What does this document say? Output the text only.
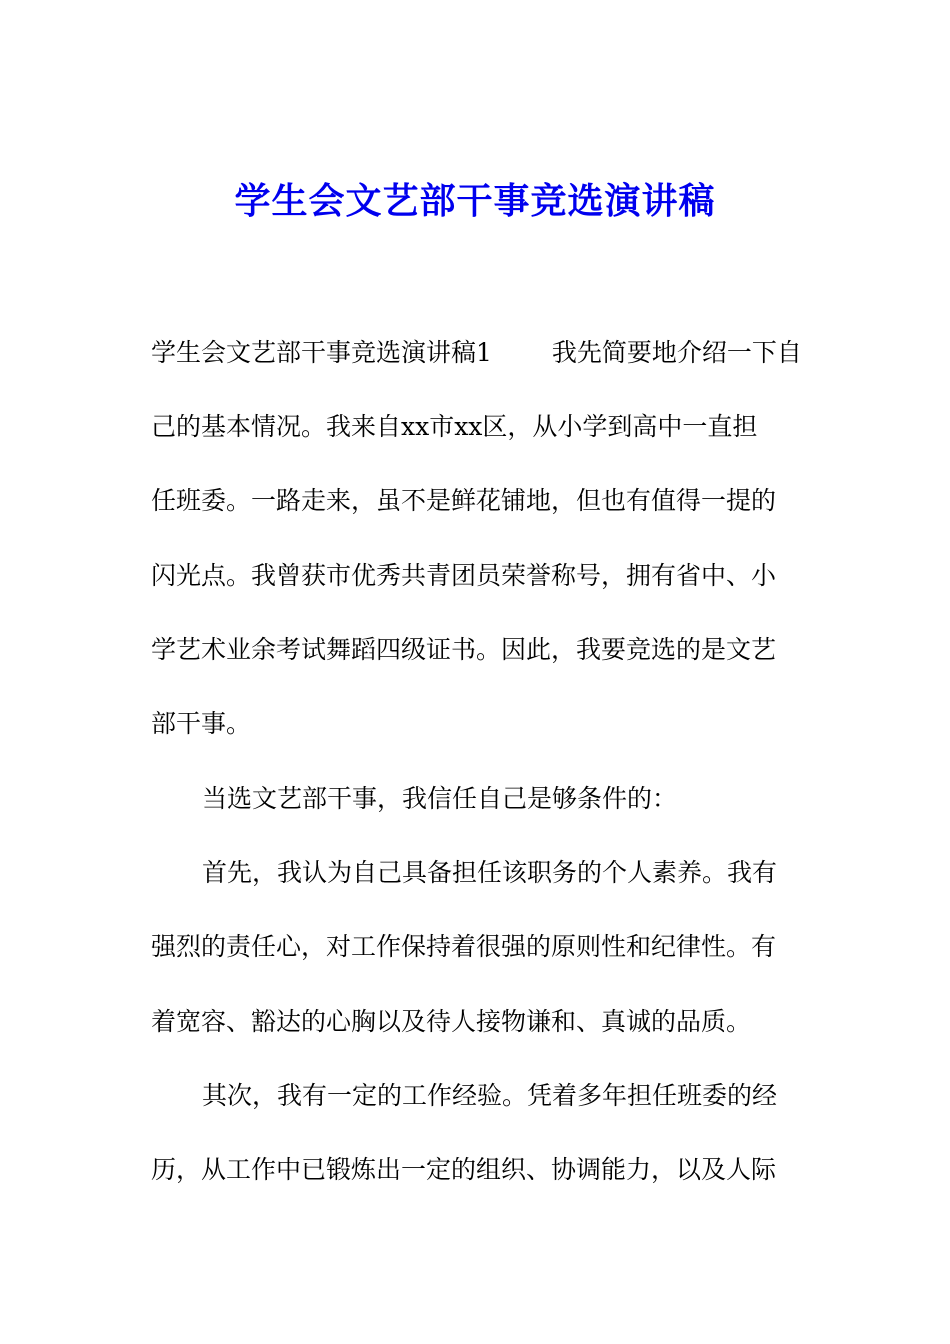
学生会文艺部干事竞选演讲稿
学生会文艺部干事竞选演讲稿1 我先简要地介绍一下自
己的基本情况。我来自xx市xx区，从小学到高中一直担
任班委。一路走来，虽不是鲜花铺地，但也有值得一提的
闪光点。我曾获市优秀共青团员荣誉称号，拥有省中、小
学艺术业余考试舞蹈四级证书。因此，我要竞选的是文艺
部干事。
当选文艺部干事，我信任自己是够条件的：
首先，我认为自己具备担任该职务的个人素养。我有
强烈的责任心，对工作保持着很强的原则性和纪律性。有
着宽容、豁达的心胸以及待人接物谦和、真诚的品质。
其次，我有一定的工作经验。凭着多年担任班委的经
历，从工作中已锻炼出一定的组织、协调能力，以及人际
